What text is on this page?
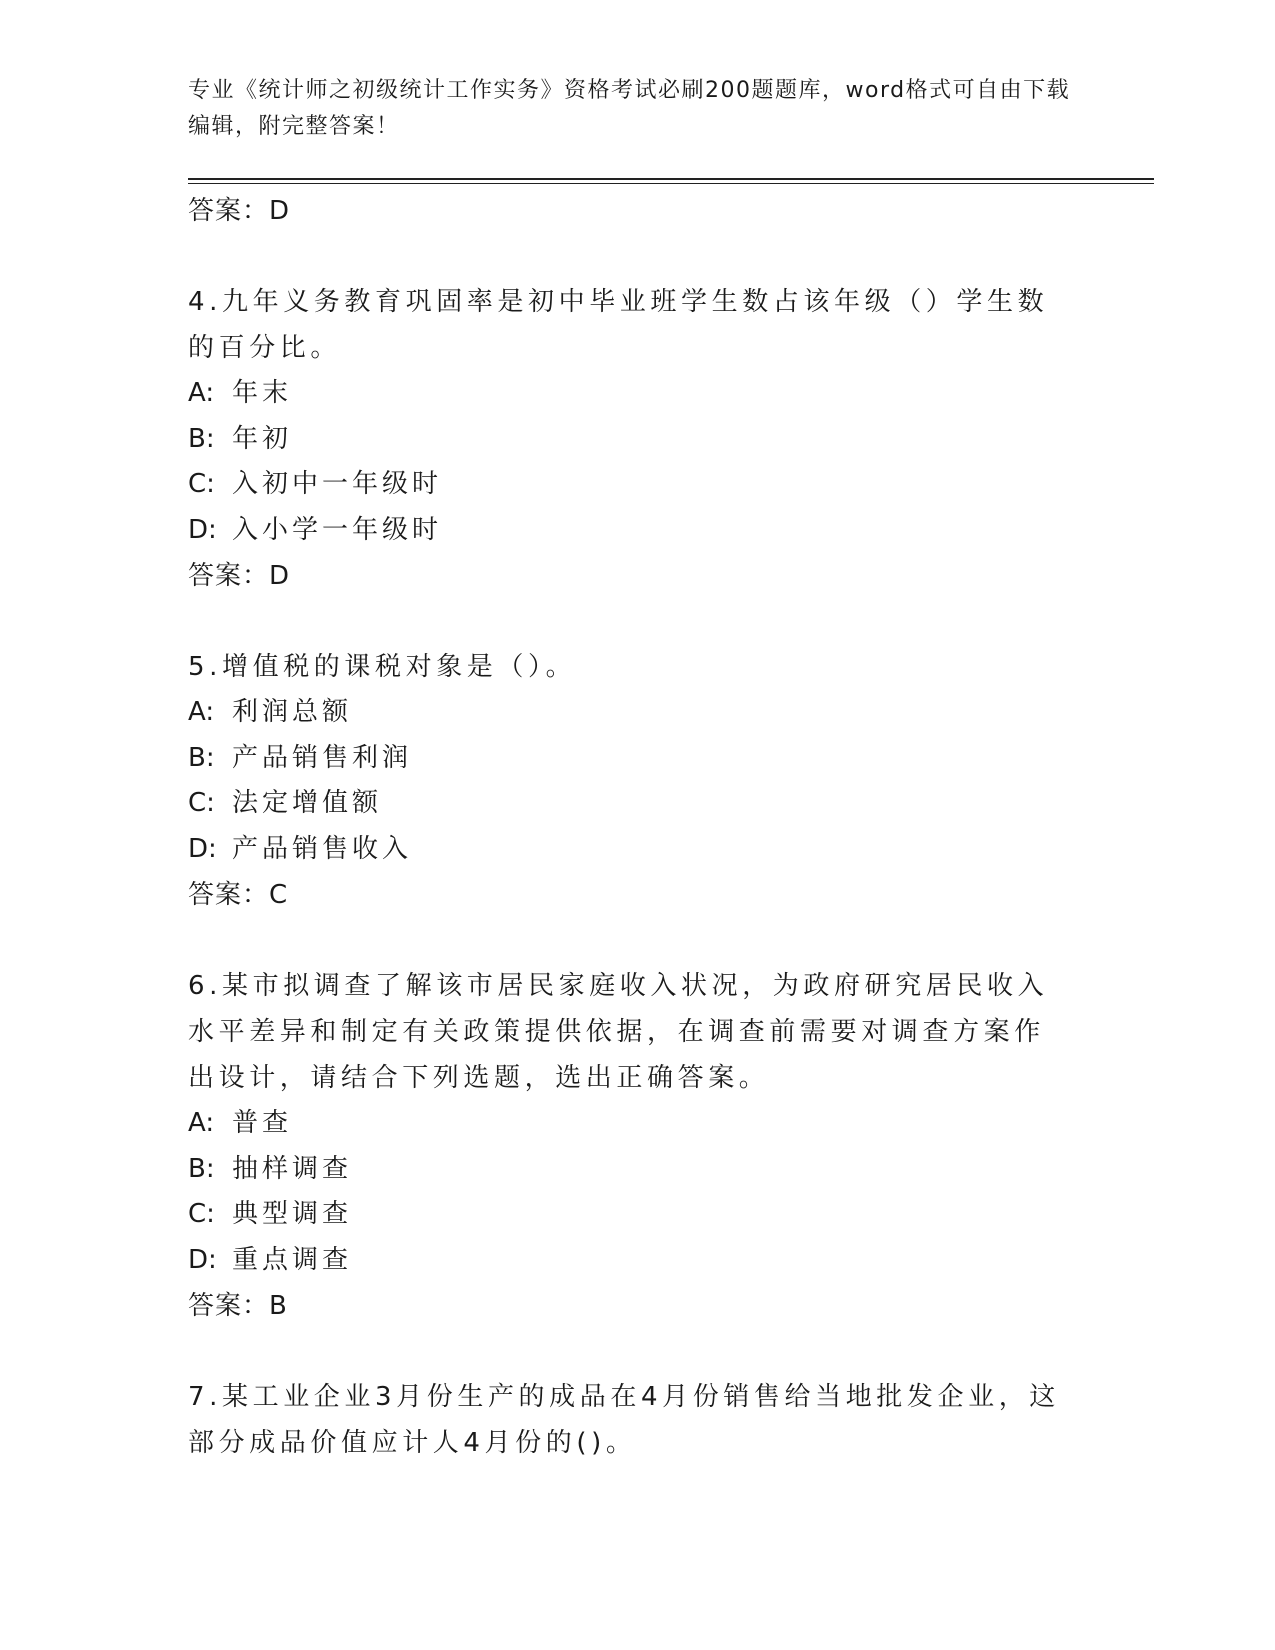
专业《统计师之初级统计工作实务》资格考试必刷200题题库，word格式可自由下载编辑，附完整答案！

答案：D

4.九年义务教育巩固率是初中毕业班学生数占该年级（）学生数的百分比。

A: 年末

B: 年初

C: 入初中一年级时

D: 入小学一年级时

答案：D

5.增值税的课税对象是（）。

A: 利润总额

B: 产品销售利润

C: 法定增值额

D: 产品销售收入

答案：C

6.某市拟调查了解该市居民家庭收入状况，为政府研究居民收入水平差异和制定有关政策提供依据，在调查前需要对调查方案作出设计，请结合下列选题，选出正确答案。

A: 普查

B: 抽样调查

C: 典型调查

D: 重点调查

答案：B

7.某工业企业3月份生产的成品在4月份销售给当地批发企业，这部分成品价值应计人4月份的()。
